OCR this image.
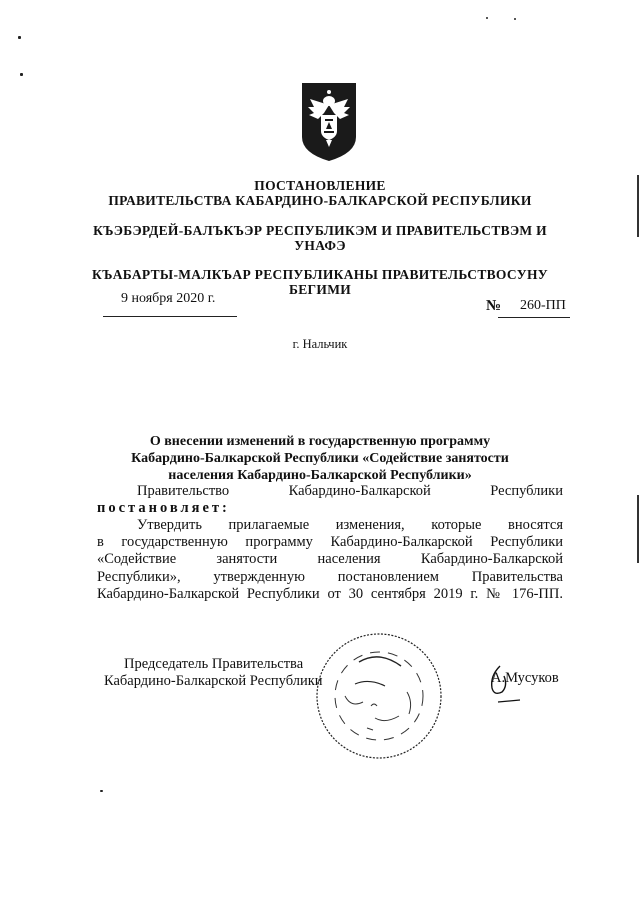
ПОСТАНОВЛЕНИЕ
ПРАВИТЕЛЬСТВА КАБАРДИНО-БАЛКАРСКОЙ РЕСПУБЛИКИ
КЪЭБЭРДЕЙ-БАЛЪКЪЭР РЕСПУБЛИКЭМ И ПРАВИТЕЛЬСТВЭМ И
УНАФЭ
КЪАБАРТЫ-МАЛКЪАР РЕСПУБЛИКАНЫ ПРАВИТЕЛЬСТВОСУНУ
БЕГИМИ
9 ноября 2020 г.	№ 260-ПП
г. Нальчик
О внесении изменений в государственную программу
Кабардино-Балкарской Республики «Содействие занятости
населения Кабардино-Балкарской Республики»
Правительство Кабардино-Балкарской Республики
постановляет:
Утвердить прилагаемые изменения, которые вносятся
в государственную программу Кабардино-Балкарской Республики
«Содействие занятости населения Кабардино-Балкарской
Республики», утвержденную постановлением Правительства
Кабардино-Балкарской Республики от 30 сентября 2019 г. № 176-ПП.
Председатель Правительства
Кабардино-Балкарской Республики	А.Мусуков
